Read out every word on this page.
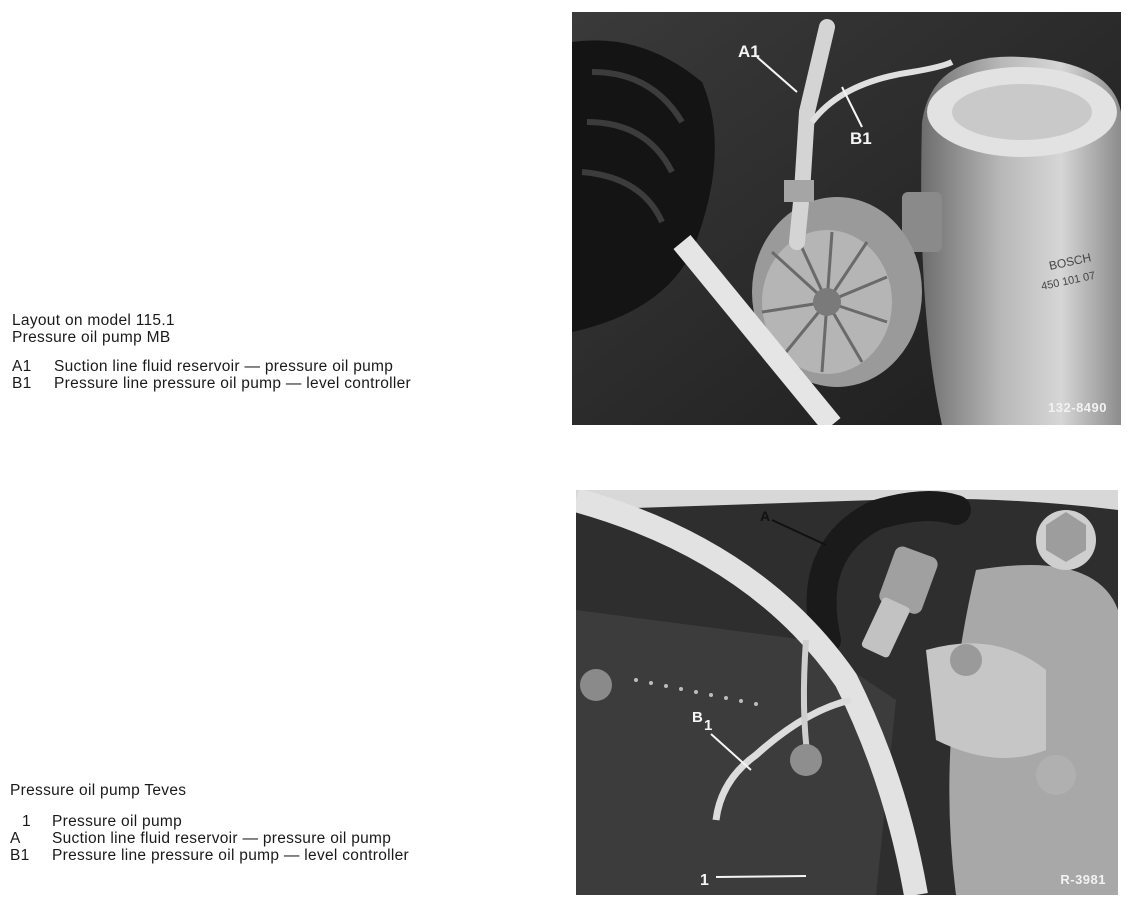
Layout on model 115.1
Pressure oil pump MB
A1	Suction line fluid reservoir — pressure oil pump
B1	Pressure line pressure oil pump — level controller
BOSCH
450 101 07
A1
B1
132-8490
Pressure oil pump Teves
1	Pressure oil pump
A	Suction line fluid reservoir — pressure oil pump
B1	Pressure line pressure oil pump — level controller
A
B 1
1	R-3981
